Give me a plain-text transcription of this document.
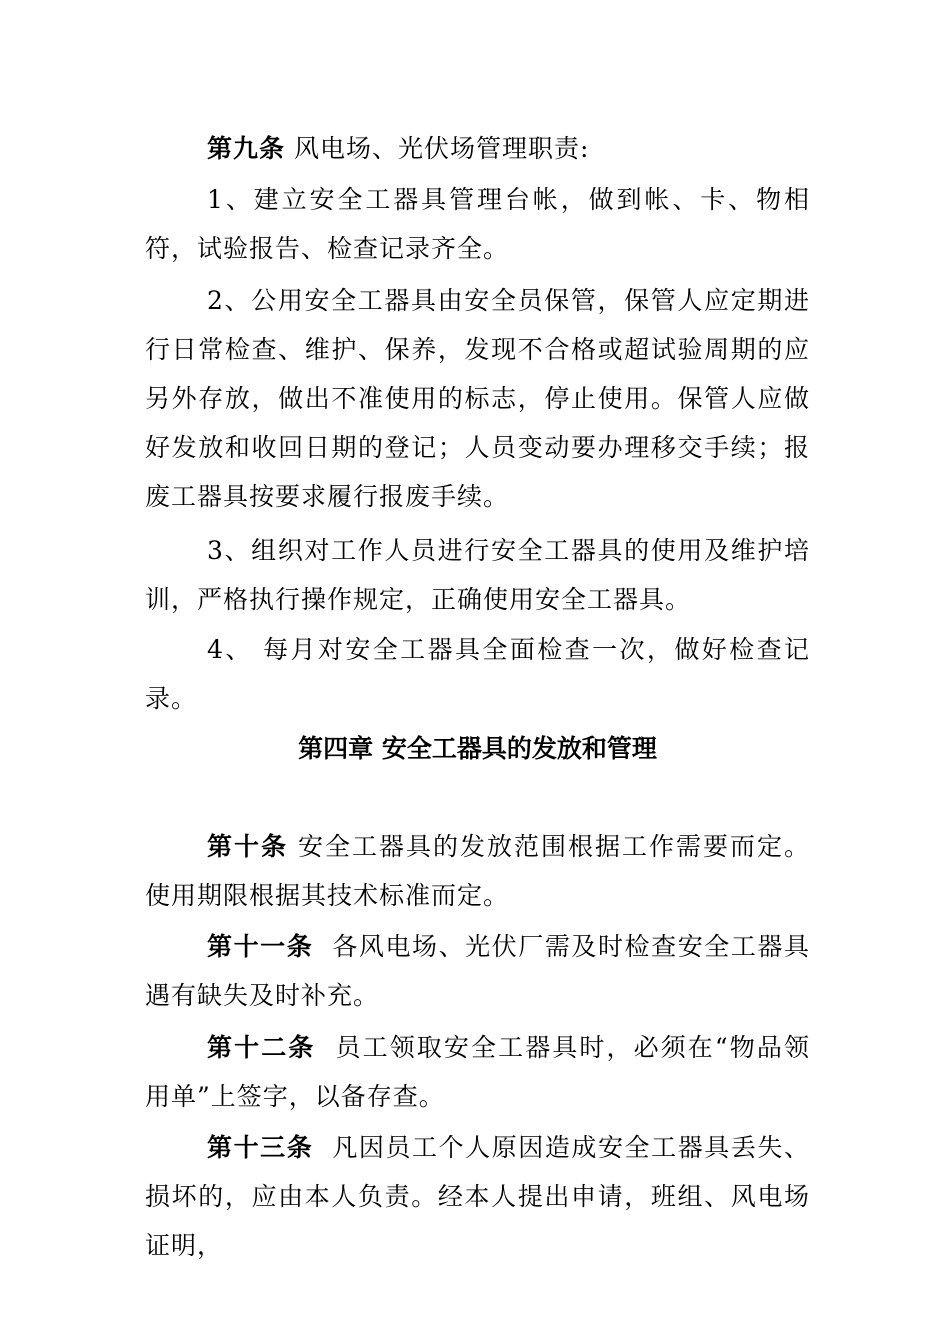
第九条 风电场、光伏场管理职责:

1、建立安全工器具管理台帐，做到帐、卡、物相符，试验报告、检查记录齐全。

2、公用安全工器具由安全员保管，保管人应定期进行日常检查、维护、保养，发现不合格或超试验周期的应另外存放，做出不准使用的标志，停止使用。保管人应做好发放和收回日期的登记；人员变动要办理移交手续；报废工器具按要求履行报废手续。

3、组织对工作人员进行安全工器具的使用及维护培训，严格执行操作规定，正确使用安全工器具。

4、 每月对安全工器具全面检查一次，做好检查记录。

第四章 安全工器具的发放和管理

第十条 安全工器具的发放范围根据工作需要而定。使用期限根据其技术标准而定。

第十一条 各风电场、光伏厂需及时检查安全工器具遇有缺失及时补充。

第十二条 员工领取安全工器具时，必须在“物品领用单”上签字，以备存查。

第十三条 凡因员工个人原因造成安全工器具丢失、损坏的，应由本人负责。经本人提出申请，班组、风电场证明，
